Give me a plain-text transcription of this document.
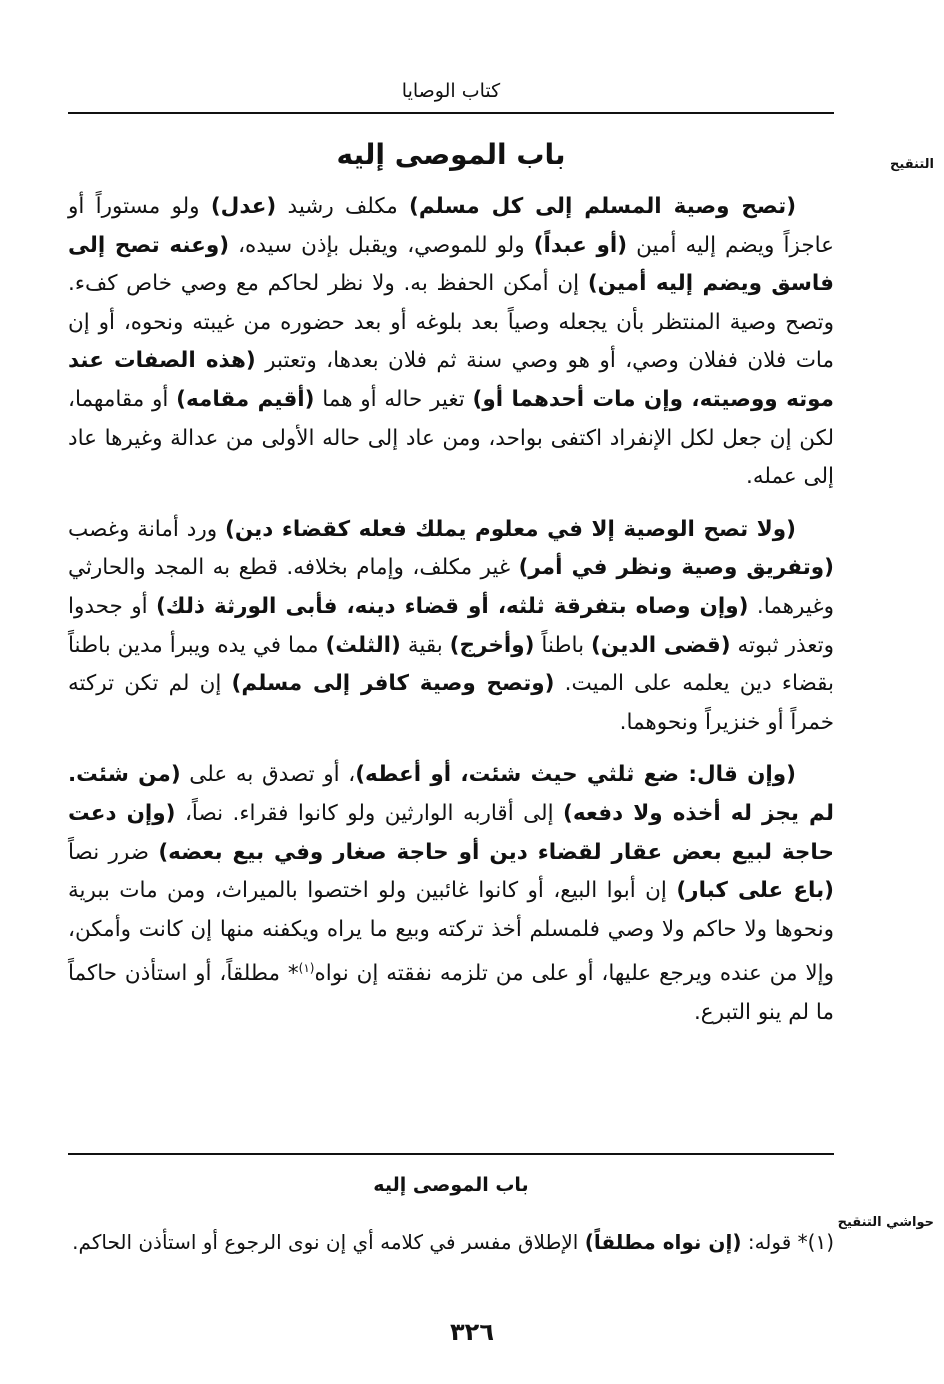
كتاب الوصايا
التنقيح
باب الموصى إليه

(تصح وصية المسلم إلى كل مسلم) مكلف رشيد (عدل) ولو مستوراً أو عاجزاً ويضم إليه أمين (أو عبداً) ولو للموصي، ويقبل بإذن سيده، (وعنه تصح إلى فاسق ويضم إليه أمين) إن أمكن الحفظ به. ولا نظر لحاكم مع وصي خاص كفء. وتصح وصية المنتظر بأن يجعله وصياً بعد بلوغه أو بعد حضوره من غيبته ونحوه، أو إن مات فلان ففلان وصي، أو هو وصي سنة ثم فلان بعدها، وتعتبر (هذه الصفات عند موته ووصيته، وإن مات أحدهما أو) تغير حاله أو هما (أقيم مقامه) أو مقامهما، لكن إن جعل لكل الإنفراد اكتفى بواحد، ومن عاد إلى حاله الأولى من عدالة وغيرها عاد إلى عمله.

(ولا تصح الوصية إلا في معلوم يملك فعله كقضاء دين) ورد أمانة وغصب (وتفريق وصية ونظر في أمر) غير مكلف، وإمام بخلافه. قطع به المجد والحارثي وغيرهما. (وإن وصاه بتفرقة ثلثه، أو قضاء دينه، فأبى الورثة ذلك) أو جحدوا وتعذر ثبوته (قضى الدين) باطناً (وأخرج) بقية (الثلث) مما في يده ويبرأ مدين باطناً بقضاء دين يعلمه على الميت. (وتصح وصية كافر إلى مسلم) إن لم تكن تركته خمراً أو خنزيراً ونحوهما.

(وإن قال: ضع ثلثي حيث شئت، أو أعطه)، أو تصدق به على (من شئت. لم يجز له أخذه ولا دفعه) إلى أقاربه الوارثين ولو كانوا فقراء. نصاً، (وإن دعت حاجة لبيع بعض عقار لقضاء دين أو حاجة صغار وفي بيع بعضه) ضرر نصاً (باع على كبار) إن أبوا البيع، أو كانوا غائبين ولو اختصوا بالميراث، ومن مات ببرية ونحوها ولا حاكم ولا وصي فلمسلم أخذ تركته وبيع ما يراه ويكفنه منها إن كانت وأمكن، وإلا من عنده ويرجع عليها، أو على من تلزمه نفقته إن نواه$^{(١)}$* مطلقاً، أو استأذن حاكماً ما لم ينو التبرع.

حواشي التنقيح
باب الموصى إليه

(١)* قوله: (إن نواه مطلقاً) الإطلاق مفسر في كلامه أي إن نوى الرجوع أو استأذن الحاكم.

٣٢٦
